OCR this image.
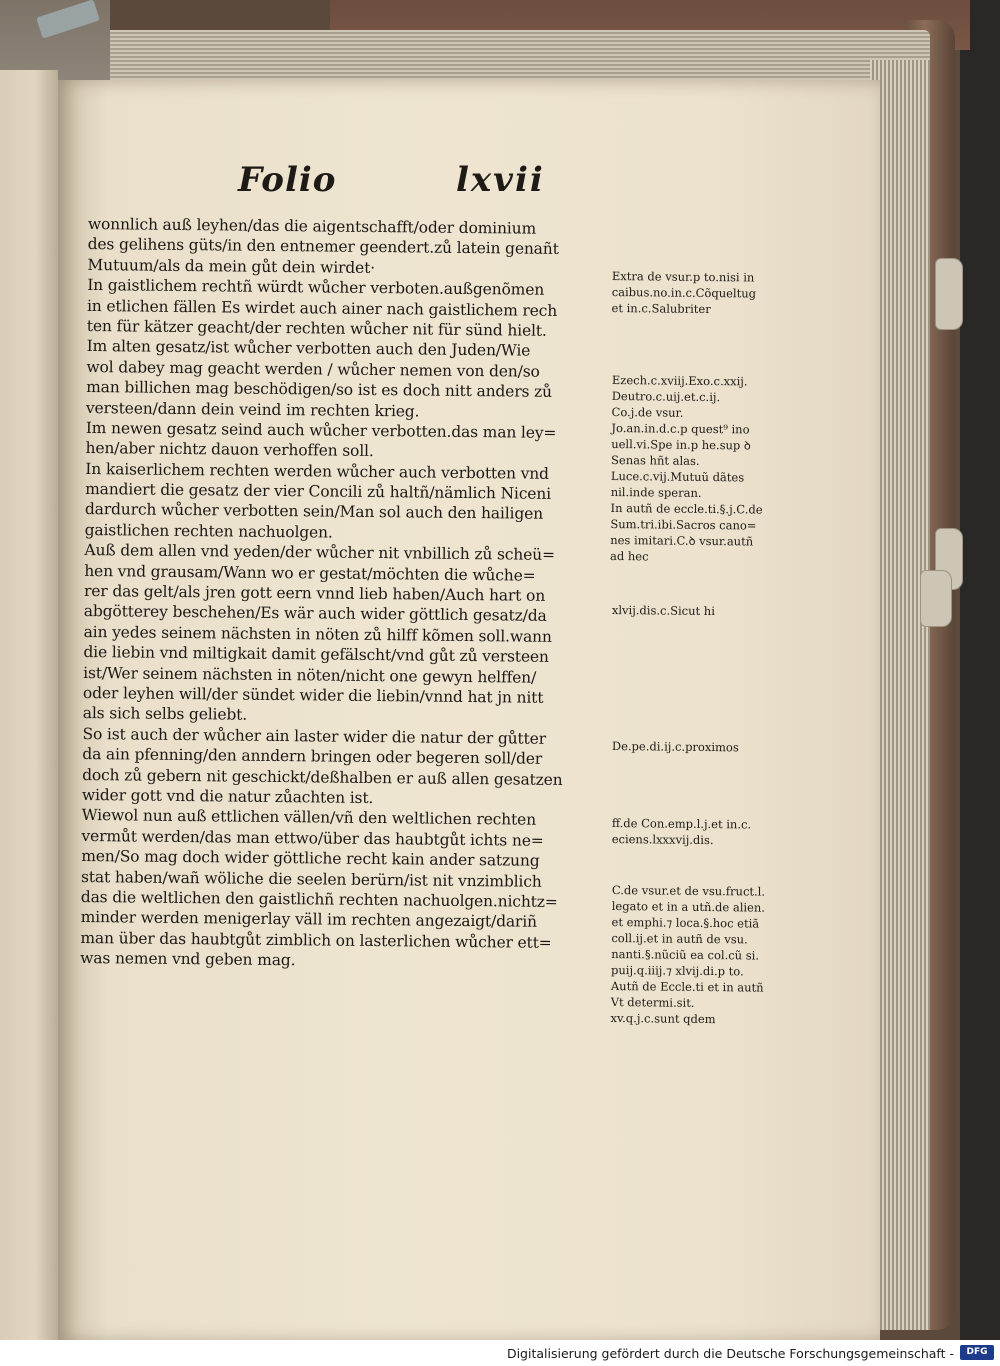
Folio	lxvii
wonnlich auß leyhen/das die aigentschafft/oder dominium
des gelihens güts/in den entnemer geendert.zů latein genañt
Mutuum/als da mein gůt dein wirdet·
In gaistlichem rechtñ würdt wůcher verboten.außgenõmen
in etlichen fällen Es wirdet auch ainer nach gaistlichem rech
ten für kätzer geacht/der rechten wůcher nit für sünd hielt.
Im alten gesatz/ist wůcher verbotten auch den Juden/Wie
wol dabey mag geacht werden / wůcher nemen von den/so
man billichen mag beschödigen/so ist es doch nitt anders zů
versteen/dann dein veind im rechten krieg.
Im newen gesatz seind auch wůcher verbotten.das man ley=
hen/aber nichtz dauon verhoffen soll.
In kaiserlichem rechten werden wůcher auch verbotten vnd
mandiert die gesatz der vier Concili zů haltñ/nämlich Niceni
dardurch wůcher verbotten sein/Man sol auch den hailigen
gaistlichen rechten nachuolgen.
Auß dem allen vnd yeden/der wůcher nit vnbillich zů scheü=
hen vnd grausam/Wann wo er gestat/möchten die wůche=
rer das gelt/als jren gott eern vnnd lieb haben/Auch hart on
abgötterey beschehen/Es wär auch wider göttlich gesatz/da
ain yedes seinem nächsten in nöten zů hilff kõmen soll.wann
die liebin vnd miltigkait damit gefälscht/vnd gůt zů versteen
ist/Wer seinem nächsten in nöten/nicht one gewyn helffen/
oder leyhen will/der sündet wider die liebin/vnnd hat jn nitt
als sich selbs geliebt.
So ist auch der wůcher ain laster wider die natur der gůtter
da ain pfenning/den anndern bringen oder begeren soll/der
doch zů gebern nit geschickt/deßhalben er auß allen gesatzen
wider gott vnd die natur zůachten ist.
Wiewol nun auß ettlichen vällen/vñ den weltlichen rechten
vermůt werden/das man ettwo/über das haubtgůt ichts ne=
men/So mag doch wider göttliche recht kain ander satzung
stat haben/wañ wöliche die seelen berürn/ist nit vnzimblich
das die weltlichen den gaistlichñ rechten nachuolgen.nichtz=
minder werden menigerlay väll im rechten angezaigt/dariñ
man über das haubtgůt zimblich on lasterlichen wůcher ett=
was nemen vnd geben mag.
Extra de vsur.p to.nisi in
caibus.no.in.c.Cõqueltug
et in.c.Salubriter
Ezech.c.xviij.Exo.c.xxij.
Deutro.c.uij.et.c.ij.
Co.j.de vsur.
Jo.an.in.d.c.p quest⁹ ino
uell.vi.Spe in.p he.sup ꝺ
Senas hñt alas.
Luce.c.vij.Mutuũ dãtes
nil.inde speran.
In autñ de eccle.ti.§.j.C.de
Sum.tri.ibi.Sacros cano=
nes imitari.C.ꝺ vsur.autñ
ad hec
xlvij.dis.c.Sicut hi
De.pe.di.ij.c.proximos
ff.de Con.emp.l.j.et in.c.
eciens.lxxxvij.dis.
C.de vsur.et de vsu.fruct.l.
legato et in a utñ.de alien.
et emphi.⁊ loca.§.hoc etiã
coll.ij.et in autñ de vsu.
nanti.§.nũciũ ea col.cũ si.
puij.q.iiij.⁊ xlvij.di.p to.
Autñ de Eccle.ti et in autñ
Vt determi.sit.
xv.q.j.c.sunt qdem
Digitalisierung gefördert durch die Deutsche Forschungsgemeinschaft -	DFG
